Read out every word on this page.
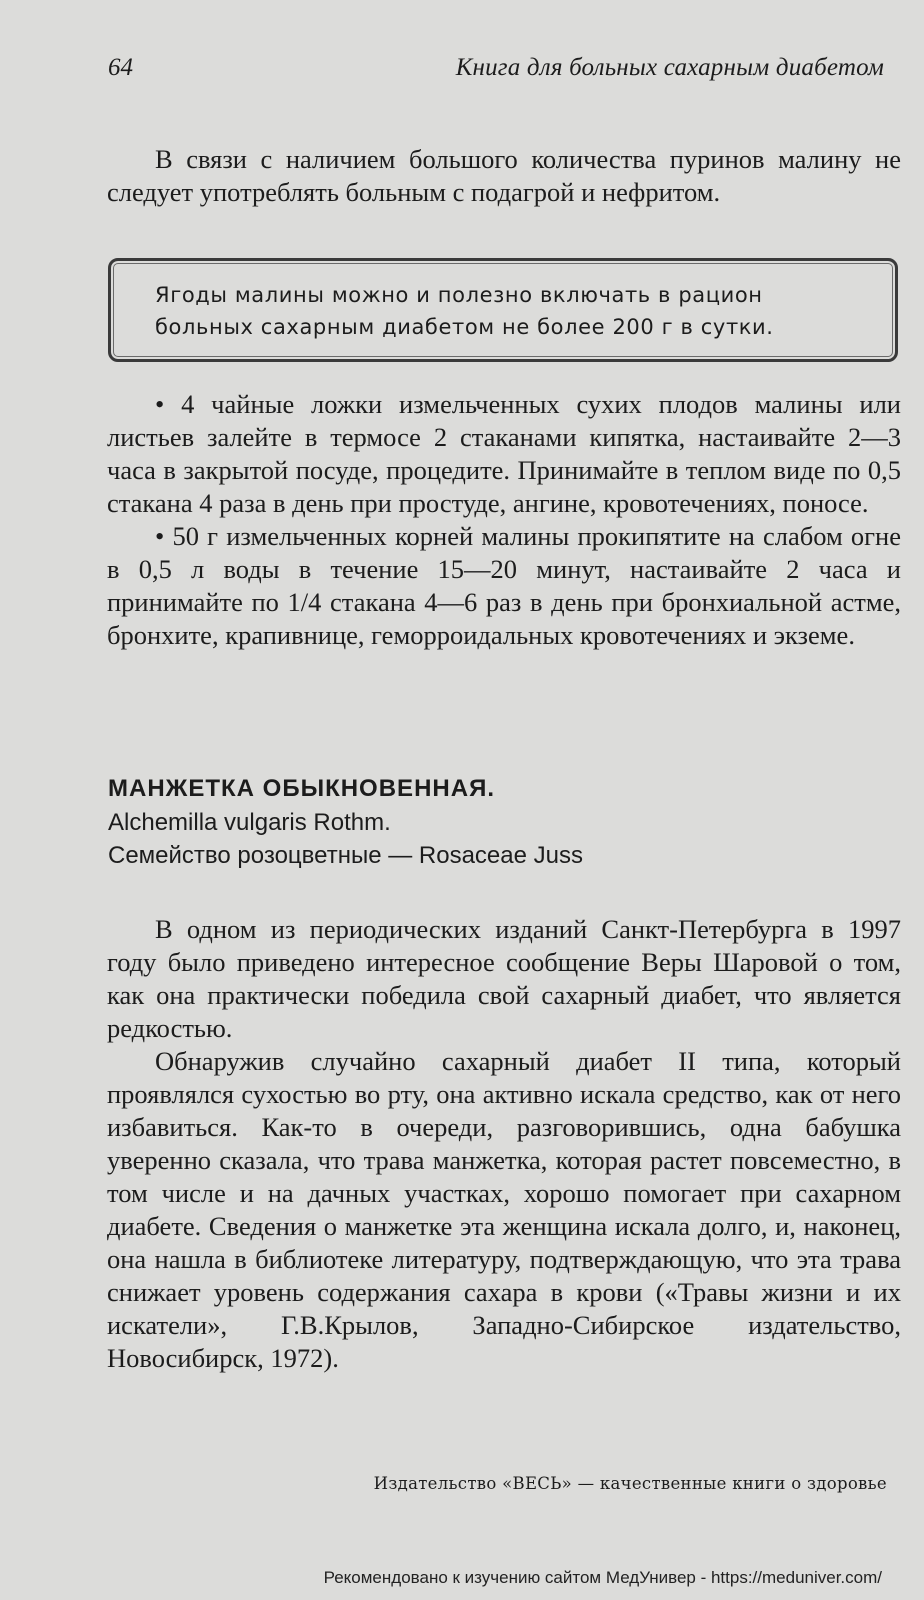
64	Книга для больных сахарным диабетом

В связи с наличием большого количества пуринов малину не следует употреблять больным с подагрой и нефритом.

Ягоды малины можно и полезно включать в рацион
больных сахарным диабетом не более 200 г в сутки.

• 4 чайные ложки измельченных сухих плодов малины или листьев залейте в термосе 2 стаканами кипятка, настаивайте 2—3 часа в закрытой посуде, процедите. Принимайте в теплом виде по 0,5 стакана 4 раза в день при простуде, ангине, кровотечениях, поносе.

• 50 г измельченных корней малины прокипятите на слабом огне в 0,5 л воды в течение 15—20 минут, настаивайте 2 часа и принимайте по 1/4 стакана 4—6 раз в день при бронхиальной астме, бронхите, крапивнице, геморроидальных кровотечениях и экземе.

МАНЖЕТКА ОБЫКНОВЕННАЯ.
Alchemilla vulgaris Rothm.
Семейство розоцветные — Rosaceae Juss

В одном из периодических изданий Санкт-Петербурга в 1997 году было приведено интересное сообщение Веры Шаровой о том, как она практически победила свой сахарный диабет, что является редкостью.

Обнаружив случайно сахарный диабет II типа, который проявлялся сухостью во рту, она активно искала средство, как от него избавиться. Как-то в очереди, разговорившись, одна бабушка уверенно сказала, что трава манжетка, которая растет повсеместно, в том числе и на дачных участках, хорошо помогает при сахарном диабете. Сведения о манжетке эта женщина искала долго, и, наконец, она нашла в библиотеке литературу, подтверждающую, что эта трава снижает уровень содержания сахара в крови («Травы жизни и их искатели», Г.В.Крылов, Западно-Сибирское издательство, Новосибирск, 1972).

Издательство «ВЕСЬ» — качественные книги о здоровье
Рекомендовано к изучению сайтом МедУнивер - https://meduniver.com/
